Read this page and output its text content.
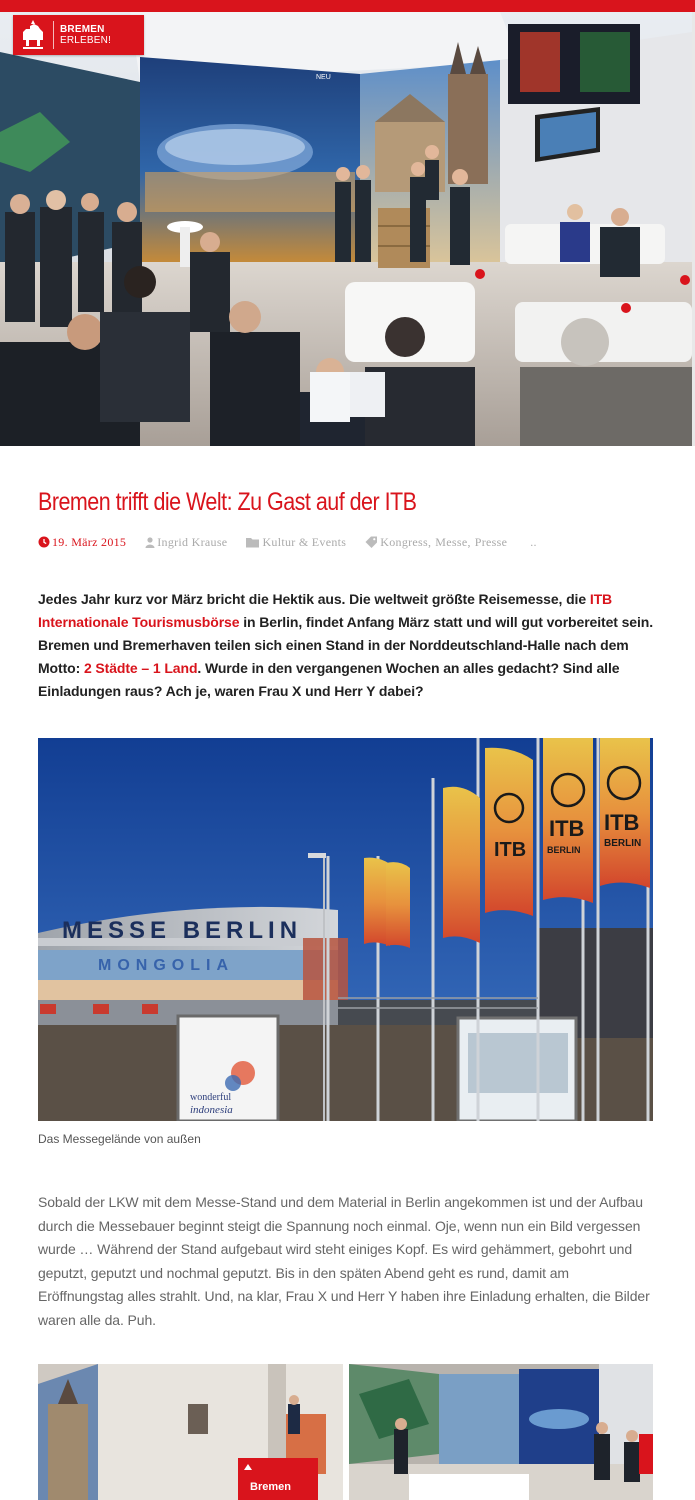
NEU
BREMEN
ERLEBEN!
Bremen trifft die Welt: Zu Gast auf der ITB
19. März 2015	Ingrid Krause	Kultur & Events	Kongress, Messe, Presse ..

Jedes Jahr kurz vor März bricht die Hektik aus. Die weltweit größte Reisemesse, die ITB Internationale Tourismusbörse in Berlin, findet Anfang März statt und will gut vorbereitet sein. Bremen und Bremerhaven teilen sich einen Stand in der Norddeutschland-Halle nach dem Motto: 2 Städte – 1 Land. Wurde in den vergangenen Wochen an alles gedacht? Sind alle Einladungen raus? Ach je, waren Frau X und Herr Y dabei?

MESSE BERLIN
MONGOLIA
wonderful
indonesia
ITB
ITB ITB
BERLIN
BERLIN
Das Messegelände von außen

Sobald der LKW mit dem Messe-Stand und dem Material in Berlin angekommen ist und der Aufbau durch die Messebauer beginnt steigt die Spannung noch einmal. Oje, wenn nun ein Bild vergessen wurde … Während der Stand aufgebaut wird steht einiges Kopf. Es wird gehämmert, gebohrt und geputzt, geputzt und nochmal geputzt. Bis in den späten Abend geht es rund, damit am Eröffnungstag alles strahlt. Und, na klar, Frau X und Herr Y haben ihre Einladung erhalten, die Bilder waren alle da. Puh.

Bremen
